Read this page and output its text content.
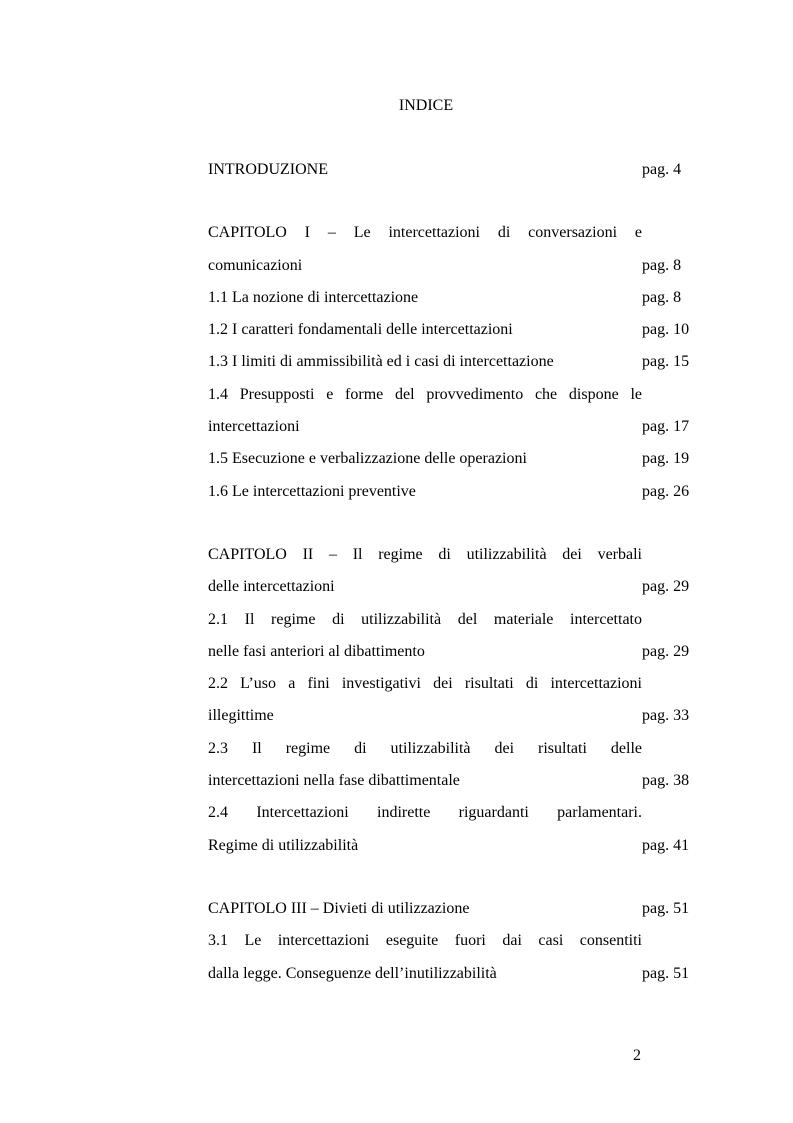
INDICE
INTRODUZIONE	pag. 4
CAPITOLO I – Le intercettazioni di conversazioni e
comunicazioni	pag. 8
1.1 La nozione di intercettazione	pag. 8
1.2 I caratteri fondamentali delle intercettazioni	pag. 10
1.3 I limiti di ammissibilità ed i casi di intercettazione	pag. 15
1.4 Presupposti e forme del provvedimento che dispone le
intercettazioni	pag. 17
1.5 Esecuzione e verbalizzazione delle operazioni	pag. 19
1.6 Le intercettazioni preventive	pag. 26
CAPITOLO II – Il regime di utilizzabilità dei verbali
delle intercettazioni	pag. 29
2.1 Il regime di utilizzabilità del materiale intercettato
nelle fasi anteriori al dibattimento	pag. 29
2.2 L’uso a fini investigativi dei risultati di intercettazioni
illegittime	pag. 33
2.3 Il regime di utilizzabilità dei risultati delle
intercettazioni nella fase dibattimentale	pag. 38
2.4 Intercettazioni indirette riguardanti parlamentari.
Regime di utilizzabilità	pag. 41
CAPITOLO III – Divieti di utilizzazione	pag. 51
3.1 Le intercettazioni eseguite fuori dai casi consentiti
dalla legge. Conseguenze dell’inutilizzabilità	pag. 51
2
